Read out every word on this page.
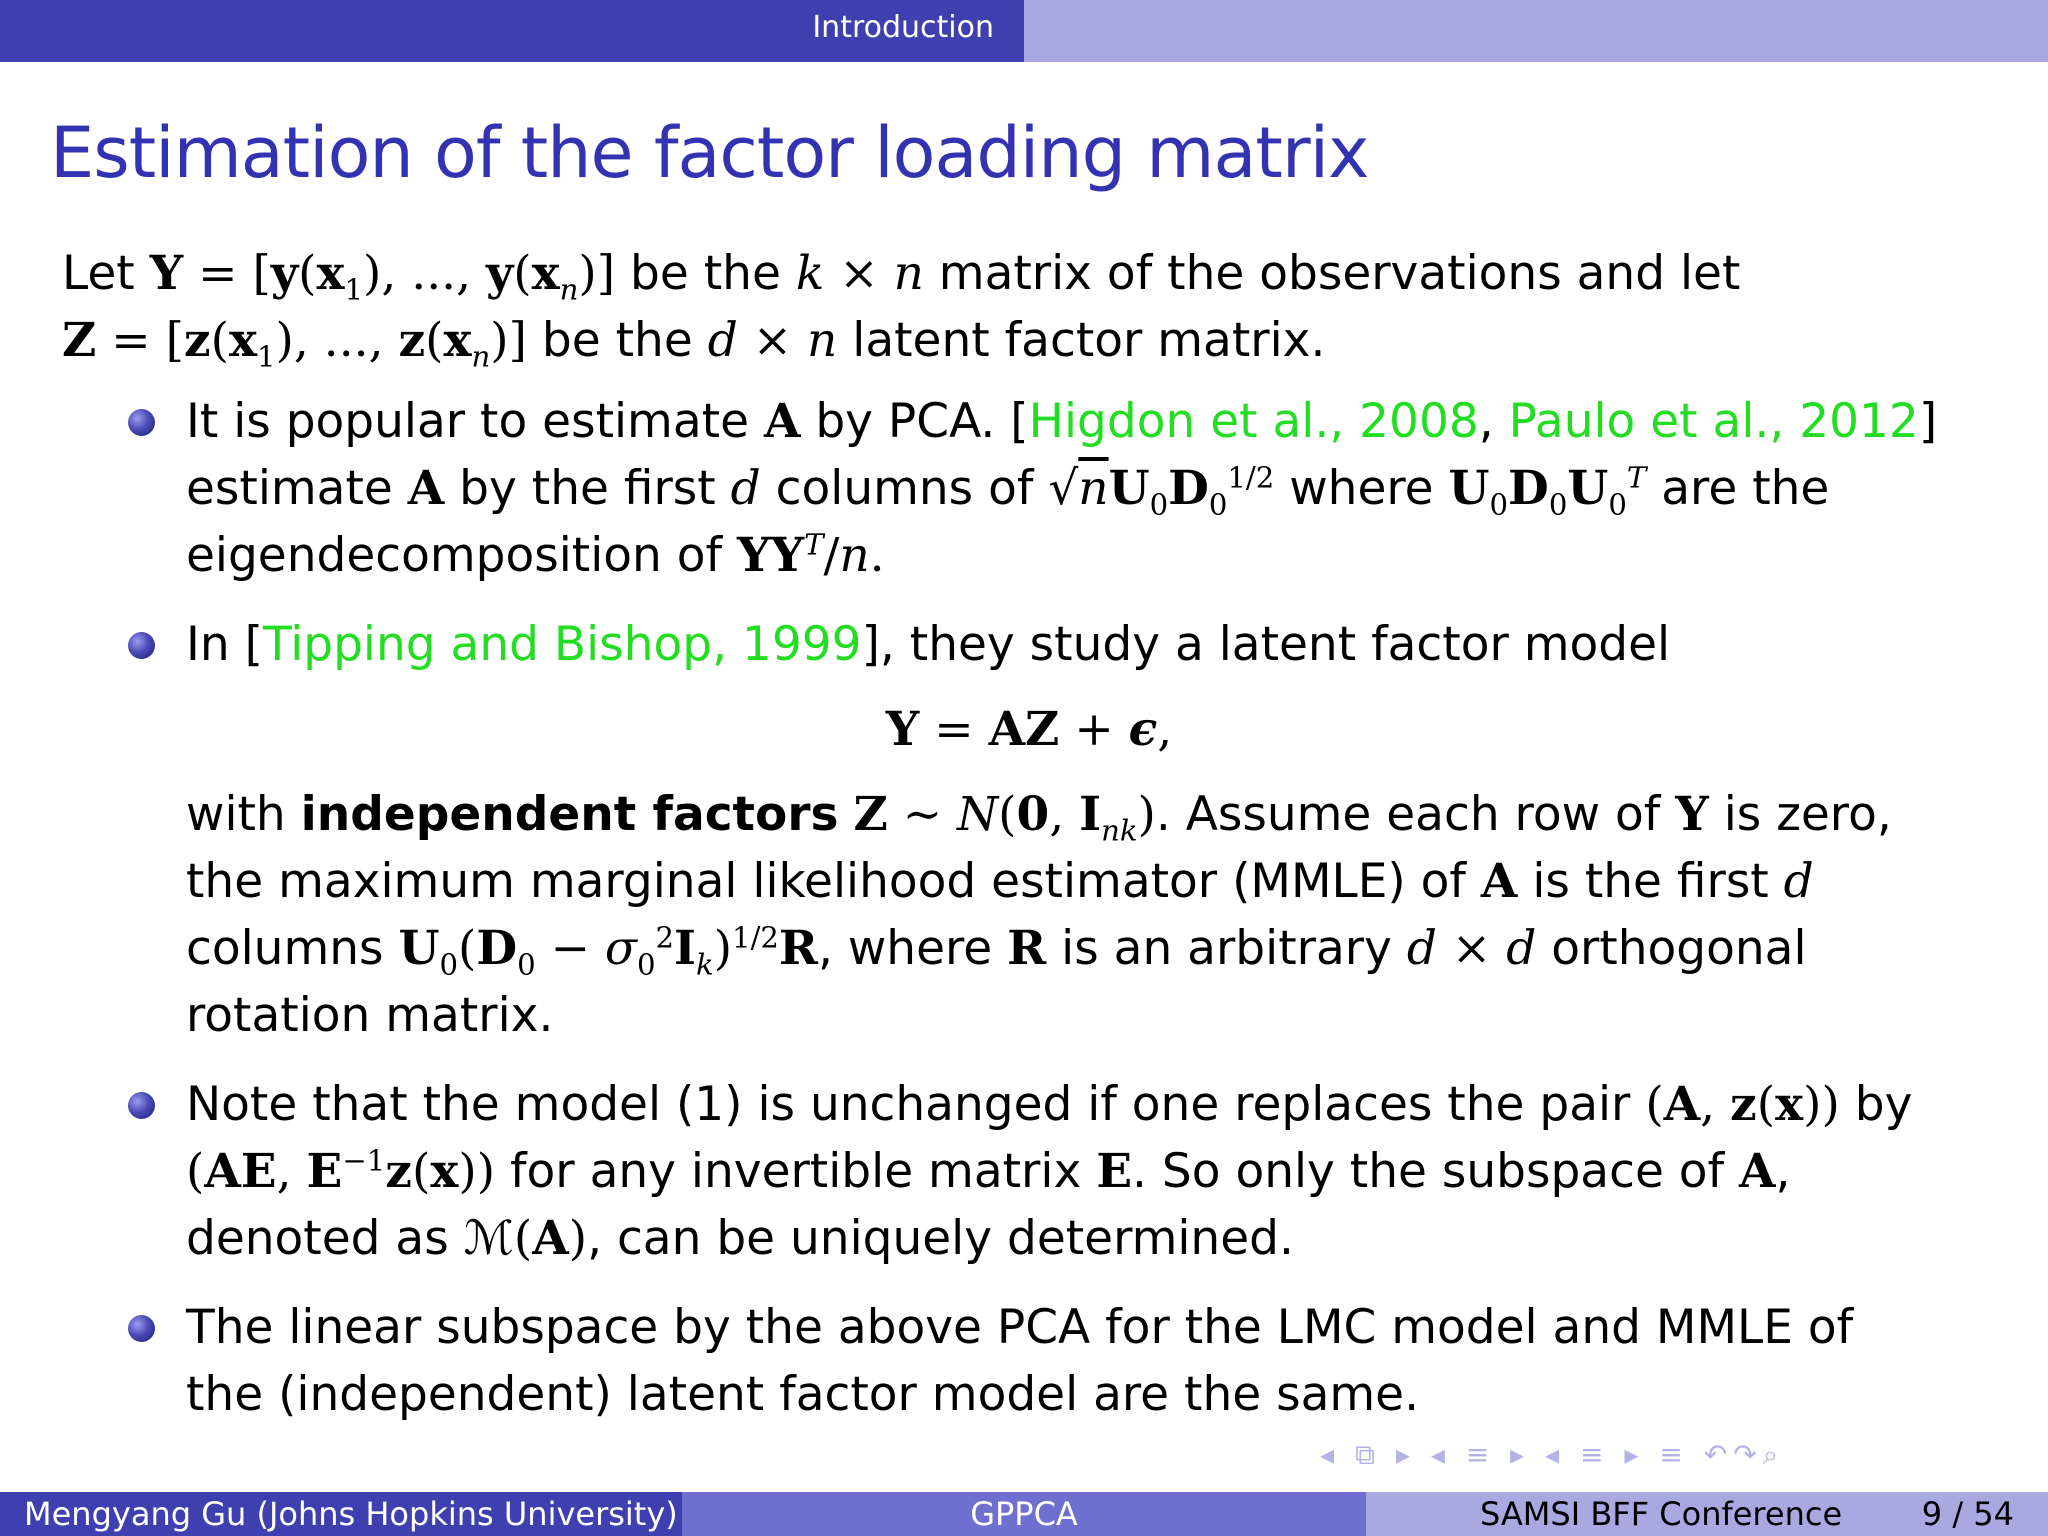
Introduction
Estimation of the factor loading matrix

Let $Y = [y(x_1)$, ..., $y(x_n)$] be the k × n matrix of the observations and let
$Z = [z(x_1)$, ..., $z(x_n)$] be the d × n latent factor matrix.

It is popular to estimate A by PCA. [Higdon et al., 2008, Paulo et al., 2012]
estimate A by the first d columns of $√nU_0D_0^{1/2}$ where $U_0D_0U_0^T$ are the
eigendecomposition of $YY^T/n$.
In [Tipping and Bishop, 1999], they study a latent factor model
Y = AZ + ϵ,
with independent factors Z ∼ N(0, $I_{nk}$). Assume each row of Y is zero,
the maximum marginal likelihood estimator (MMLE) of A is the first d
columns $U_0(D_0 - \sigma_0^2I_k)^{1/2}R$, where R is an arbitrary d × d orthogonal
rotation matrix.
Note that the model (1) is unchanged if one replaces the pair (A, z(x)) by
(AE, $E^{-1}z(x)$) for any invertible matrix E. So only the subspace of A,
denoted as ℳ(A), can be uniquely determined.
The linear subspace by the above PCA for the LMC model and MMLE of
the (independent) latent factor model are the same.
◂ ⧉ ▸ ◂ ≡ ▸ ◂ ≡ ▸ ≡ ↶↷⌕
Mengyang Gu (Johns Hopkins University)	GPPCA	SAMSI BFF Conference 9 / 54
